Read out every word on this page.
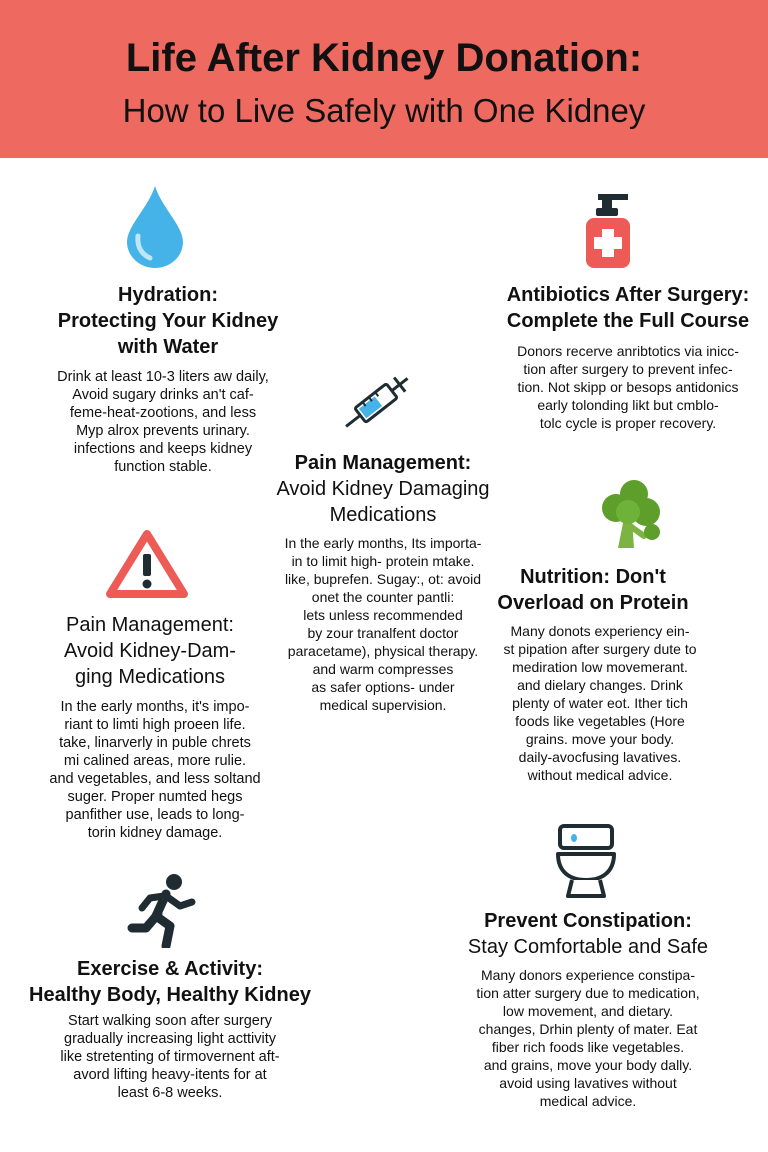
Life After Kidney Donation:
How to Live Safely with One Kidney
Hydration:
Protecting Your Kidney
with Water
Drink at least 10-3 liters aw daily,
Avoid sugary drinks an't caf-
feme-heat-zootions, and less
Myp alrox prevents urinary.
infections and keeps kidney
function stable.
Antibiotics After Surgery:
Complete the Full Course
Donors recerve anribtotics via inicc-
tion after surgery to prevent infec-
tion. Not skipp or besops antidonics
early tolonding likt but cmblo-
tolc cycle is proper recovery.
Pain Management:
Avoid Kidney Damaging
Medications
In the early months, Its importa-
in to limit high- protein mtake.
like, buprefen. Sugay:, ot: avoid
onet the counter pantli:
lets unless recommended
by zour tranalfent doctor
paracetame), physical therapy.
and warm compresses
as safer options- under
medical supervision.
Pain Management:
Avoid Kidney-Dam-
ging Medications
In the early months, it's impo-
riant to limti high proeen life.
take, linarverly in puble chrets
mi calined areas, more rulie.
and vegetables, and less soltand
suger. Proper numted hegs
panfither use, leads to long-
torin kidney damage.
Nutrition: Don't
Overload on Protein
Many donots experiency ein-
st pipation after surgery dute to
mediration low movemerant.
and dielary changes. Drink
plenty of water eot. Ither tich
foods like vegetables (Hore
grains. move your body.
daily-avocfusing lavatives.
without medical advice.
Exercise & Activity:
Healthy Body, Healthy Kidney
Start walking soon after surgery
gradually increasing light acttivity
like stretenting of tirmovernent aft-
avord lifting heavy-itents for at
least 6-8 weeks.
Prevent Constipation:
Stay Comfortable and Safe
Many donors experience constipa-
tion atter surgery due to medication,
low movement, and dietary.
changes, Drhin plenty of mater. Eat
fiber rich foods like vegetables.
and grains, move your body dally.
avoid using lavatives without
medical advice.
